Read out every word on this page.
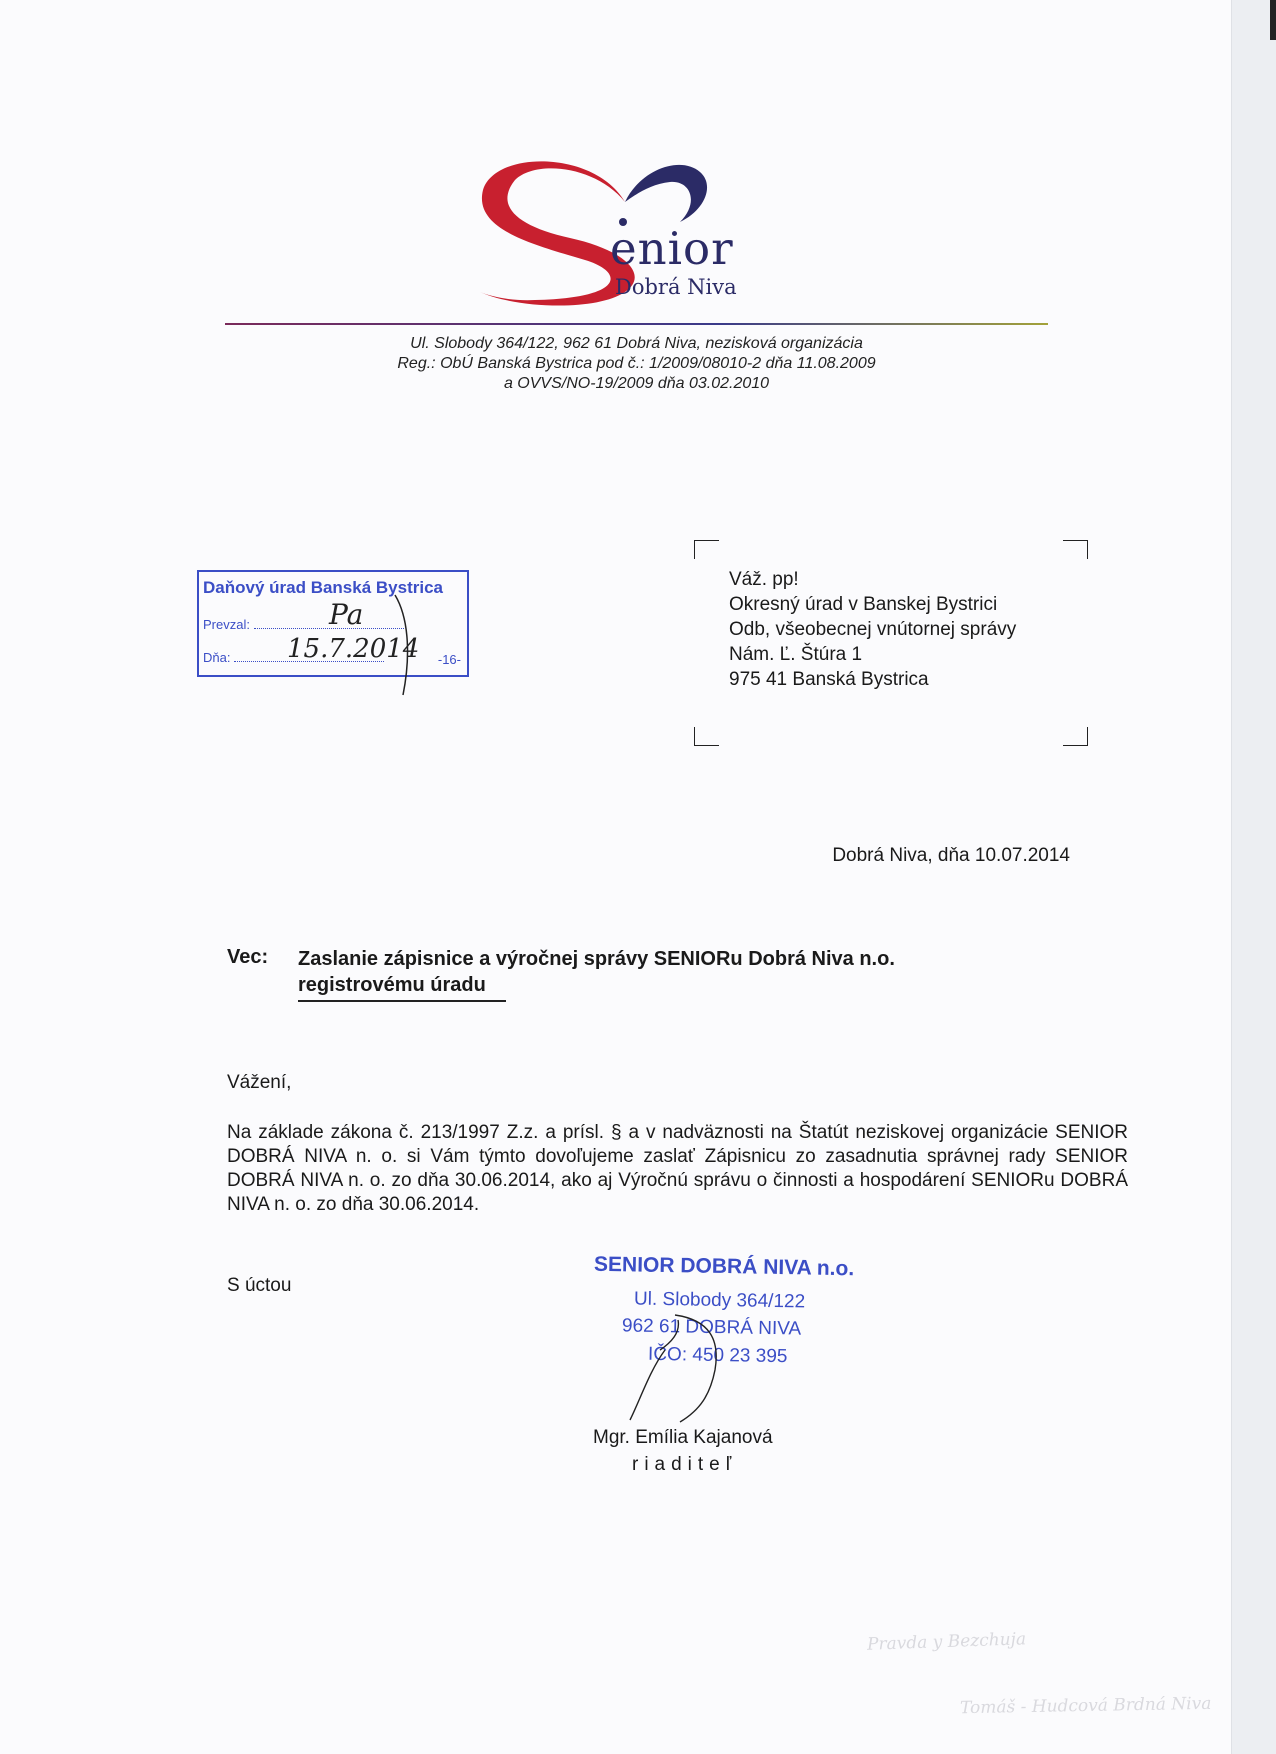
enior
Dobrá Niva
Ul. Slobody 364/122, 962 61 Dobrá Niva, nezisková organizácia
Reg.: ObÚ Banská Bystrica pod č.: 1/2009/08010-2 dňa 11.08.2009
a OVVS/NO-19/2009 dňa 03.02.2010
Daňový úrad Banská Bystrica
Prevzal:
Dňa:	-16-
Pa
15.7.2014
Váž. pp!
Okresný úrad v Banskej Bystrici
Odb, všeobecnej vnútornej správy
Nám. Ľ. Štúra 1
975 41 Banská Bystrica
Dobrá Niva, dňa 10.07.2014
Vec: Zaslanie zápisnice a výročnej správy SENIORu Dobrá Niva n.o.
registrovému úradu
Vážení,
Na základe zákona č. 213/1997 Z.z. a prísl. § a v nadväznosti na Štatút neziskovej organizácie SENIOR DOBRÁ NIVA n. o. si Vám týmto dovoľujeme zaslať Zápisnicu zo zasadnutia správnej rady SENIOR DOBRÁ NIVA n. o. zo dňa 30.06.2014, ako aj Výročnú správu o činnosti a hospodárení SENIORu DOBRÁ NIVA n. o. zo dňa 30.06.2014.
S úctou
SENIOR DOBRÁ NIVA n.o.
Ul. Slobody 364/122
962 61 DOBRÁ NIVA
IČO: 450 23 395
Mgr. Emília Kajanová
riaditeľ
Pravda y Bezchuja
Tomáš - Hudcová Brdná Niva
